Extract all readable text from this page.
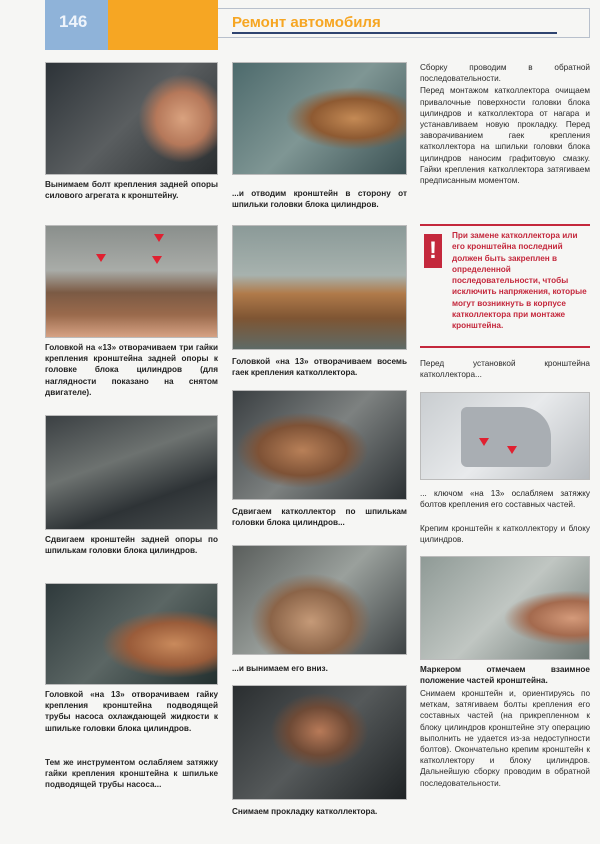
146	Ремонт автомобиля
Вынимаем болт крепления задней опоры силового агрегата к кронштейну.
Головкой на «13» отворачиваем три гайки крепления кронштейна задней опоры к головке блока цилиндров (для наглядности показано на снятом двигателе).
Сдвигаем кронштейн задней опоры по шпилькам головки блока цилиндров.
Головкой «на 13» отворачиваем гайку крепления кронштейна подводящей трубы насоса охлаждающей жидкости к шпильке головки блока цилиндров.
Тем же инструментом ослабляем затяжку гайки крепления кронштейна к шпильке подводящей трубы насоса...
...и отводим кронштейн в сторону от шпильки головки блока цилиндров.
Головкой «на 13» отворачиваем восемь гаек крепления катколлектора.
Сдвигаем катколлектор по шпилькам головки блока цилиндров...
...и вынимаем его вниз.
Снимаем прокладку катколлектора.

Сборку проводим в обратной последовательности.

Перед монтажом катколлектора очищаем привалочные поверхности головки блока цилиндров и катколлектора от нагара и устанавливаем новую прокладку. Перед заворачиванием гаек крепления катколлектора на шпильки головки блока цилиндров наносим графитовую смазку. Гайки крепления катколлектора затягиваем предписанным моментом.

!
При замене катколлектора или его кронштейна последний должен быть закреплен в определенной последовательности, чтобы исключить напряжения, которые могут возникнуть в корпусе катколлектора при монтаже кронштейна.
Перед установкой кронштейна катколлектора...
... ключом «на 13» ослабляем затяжку болтов крепления его составных частей.
Крепим кронштейн к катколлектору и блоку цилиндров.
Маркером отмечаем взаимное положение частей кронштейна.
Снимаем кронштейн и, ориентируясь по меткам, затягиваем болты крепления его составных частей (на прикрепленном к блоку цилиндров кронштейне эту операцию выполнить не удается из-за недоступности болтов). Окончательно крепим кронштейн к катколлектору и блоку цилиндров. Дальнейшую сборку проводим в обратной последовательности.
